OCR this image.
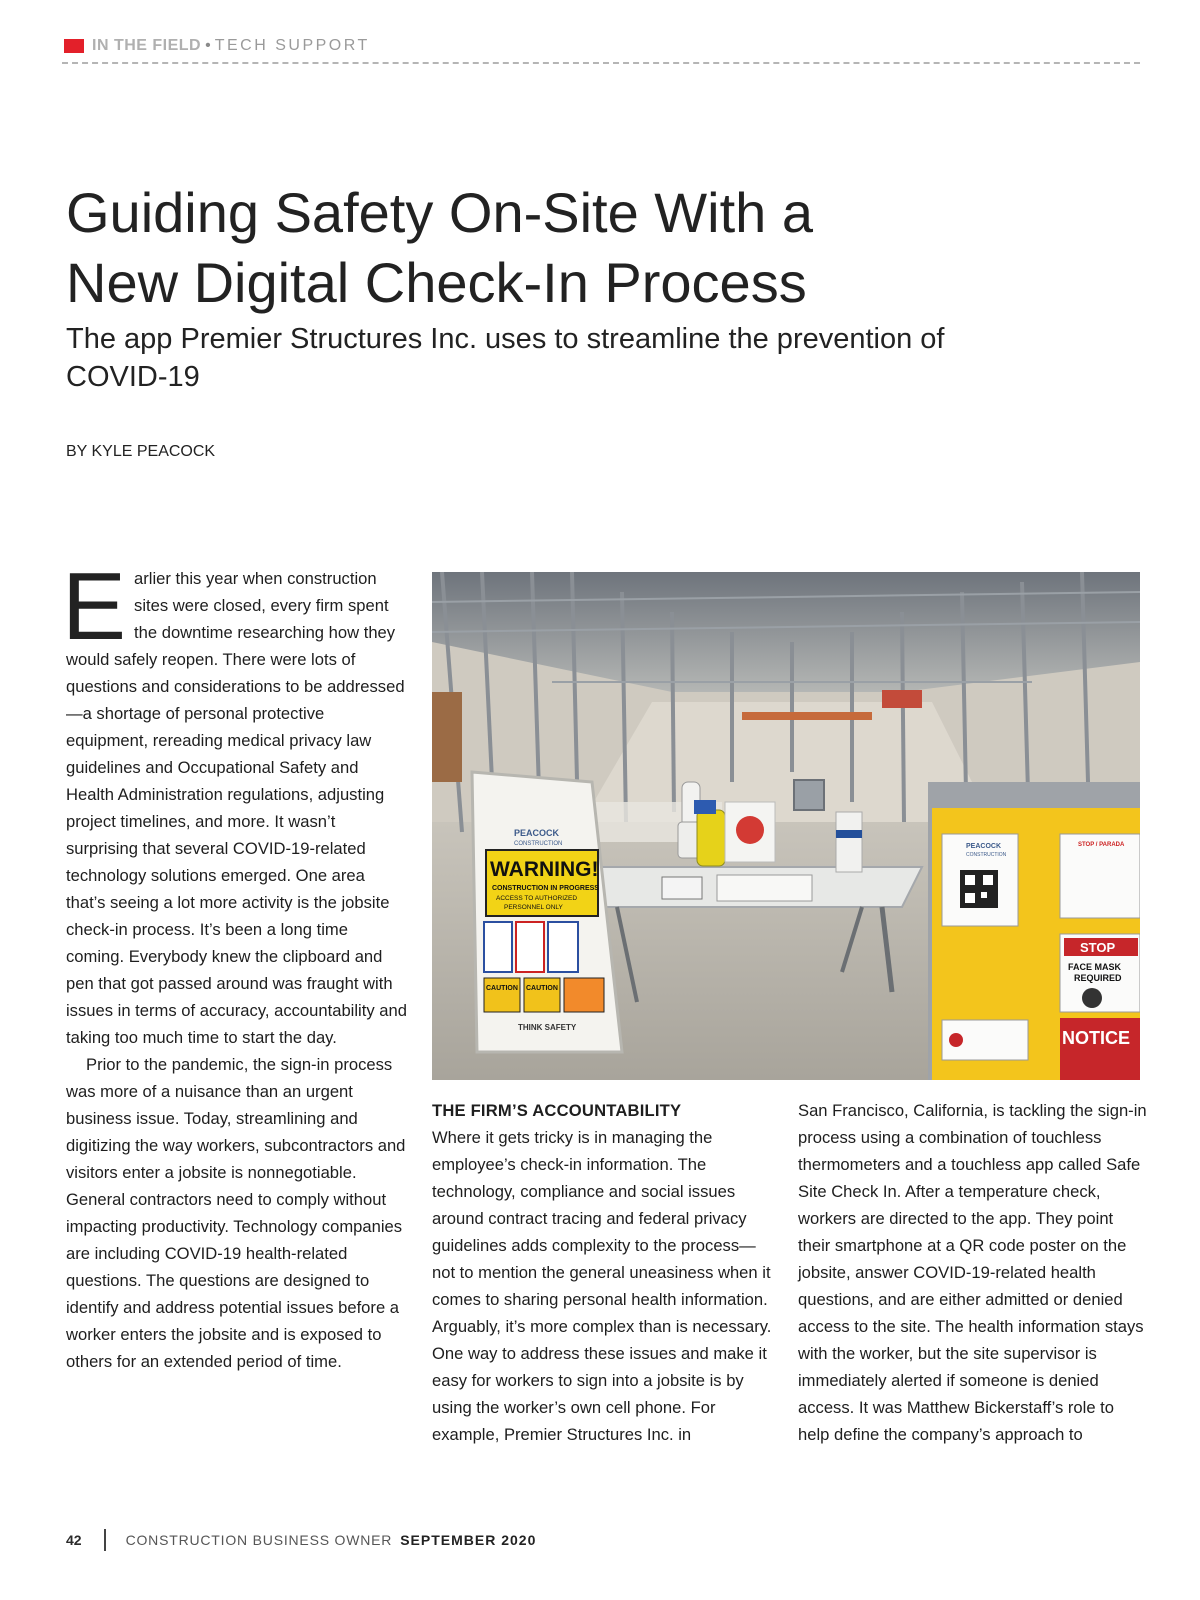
IN THE FIELD • TECH SUPPORT
Guiding Safety On-Site With a
New Digital Check-In Process
The app Premier Structures Inc. uses to streamline the prevention of COVID-19
BY KYLE PEACOCK

Earlier this year when construction sites were closed, every firm spent the downtime researching how they would safely reopen. There were lots of questions and considerations to be addressed—a shortage of personal protective equipment, rereading medical privacy law guidelines and Occupational Safety and Health Administration regulations, adjusting project timelines, and more. It wasn’t surprising that several COVID-19-related technology solutions emerged. One area that’s seeing a lot more activity is the jobsite check-in process. It’s been a long time coming. Everybody knew the clipboard and pen that got passed around was fraught with issues in terms of accuracy, accountability and taking too much time to start the day.

Prior to the pandemic, the sign-in process was more of a nuisance than an urgent business issue. Today, streamlining and digitizing the way workers, subcontractors and visitors enter a jobsite is nonnegotiable. General contractors need to comply without impacting productivity. Technology companies are including COVID-19 health-related questions. The questions are designed to identify and address potential issues before a worker enters the jobsite and is exposed to others for an extended period of time.

PEACOCK
CONSTRUCTION
WARNING!
CONSTRUCTION IN PROGRESS
ACCESS TO AUTHORIZED
PERSONNEL ONLY
CAUTION CAUTION
THINK SAFETY
PEACOCK
CONSTRUCTION
STOP / PARADA
STOP
FACE MASK
REQUIRED
NOTICE
THE FIRM’S ACCOUNTABILITY

Where it gets tricky is in managing the employee’s check-in information. The technology, compliance and social issues around contract tracing and federal privacy guidelines adds complexity to the process—not to mention the general uneasiness when it comes to sharing personal health information. Arguably, it’s more complex than is necessary. One way to address these issues and make it easy for workers to sign into a jobsite is by using the worker’s own cell phone. For example, Premier Structures Inc. in

San Francisco, California, is tackling the sign-in process using a combination of touchless thermometers and a touchless app called Safe Site Check In. After a temperature check, workers are directed to the app. They point their smartphone at a QR code poster on the jobsite, answer COVID-19-related health questions, and are either admitted or denied access to the site. The health information stays with the worker, but the site supervisor is immediately alerted if someone is denied access. It was Matthew Bickerstaff’s role to help define the company’s approach to

42	CONSTRUCTION BUSINESS OWNER SEPTEMBER 2020
